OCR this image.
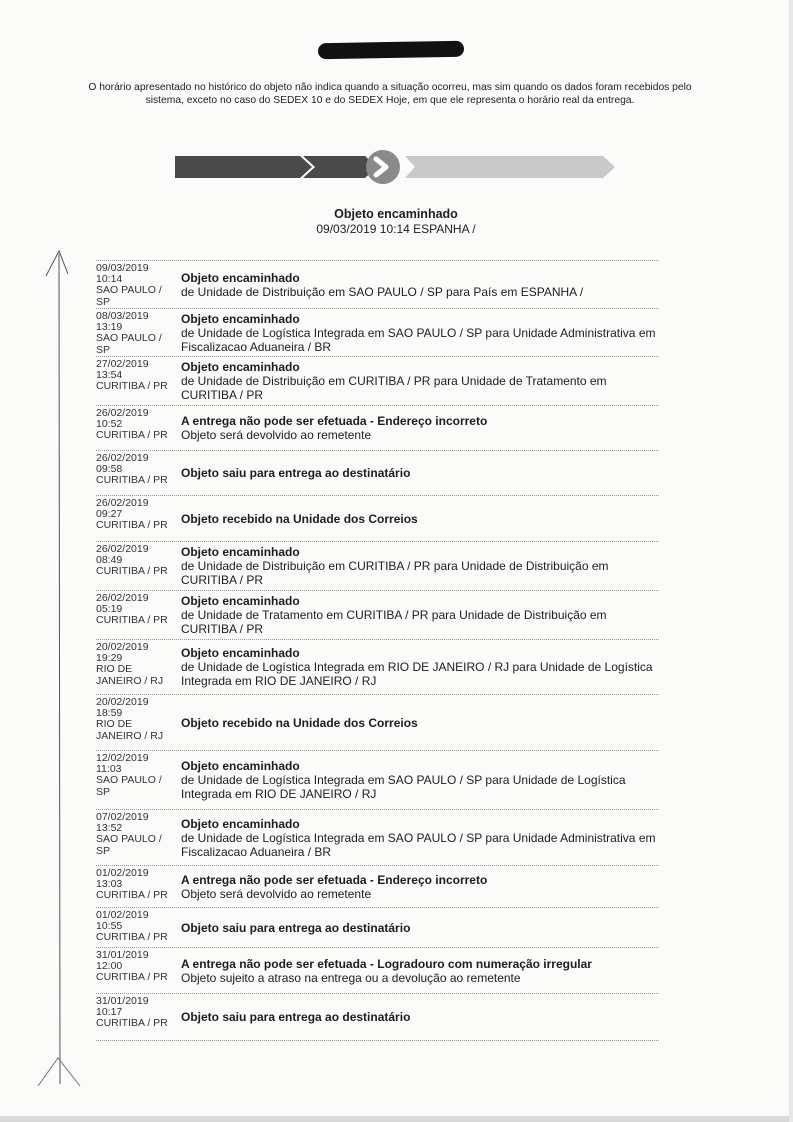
O horário apresentado no histórico do objeto não indica quando a situação ocorreu, mas sim quando os dados foram recebidos pelo sistema, exceto no caso do SEDEX 10 e do SEDEX Hoje, em que ele representa o horário real da entrega.
Objeto encaminhado
09/03/2019 10:14 ESPANHA /
09/03/2019
10:14
SAO PAULO /
SP
Objeto encaminhado
de Unidade de Distribuição em SAO PAULO / SP para País em ESPANHA /
08/03/2019
13:19
SAO PAULO /
SP
Objeto encaminhado
de Unidade de Logística Integrada em SAO PAULO / SP para Unidade Administrativa em Fiscalizacao Aduaneira / BR
27/02/2019
13:54
CURITIBA / PR
Objeto encaminhado
de Unidade de Distribuição em CURITIBA / PR para Unidade de Tratamento em CURITIBA / PR
26/02/2019
10:52
CURITIBA / PR
A entrega não pode ser efetuada - Endereço incorreto
Objeto será devolvido ao remetente
26/02/2019
09:58
CURITIBA / PR
Objeto saiu para entrega ao destinatário
26/02/2019
09:27
CURITIBA / PR	Objeto recebido na Unidade dos Correios
26/02/2019
08:49
CURITIBA / PR
Objeto encaminhado
de Unidade de Distribuição em CURITIBA / PR para Unidade de Distribuição em CURITIBA / PR
26/02/2019
05:19
CURITIBA / PR
Objeto encaminhado
de Unidade de Tratamento em CURITIBA / PR para Unidade de Distribuição em CURITIBA / PR
20/02/2019
19:29
RIO DE
JANEIRO / RJ
Objeto encaminhado
de Unidade de Logística Integrada em RIO DE JANEIRO / RJ para Unidade de Logística Integrada em RIO DE JANEIRO / RJ
20/02/2019
18:59
RIO DE
JANEIRO / RJ
Objeto recebido na Unidade dos Correios
12/02/2019
11:03
SAO PAULO /
SP
Objeto encaminhado
de Unidade de Logística Integrada em SAO PAULO / SP para Unidade de Logística Integrada em RIO DE JANEIRO / RJ
07/02/2019
13:52
SAO PAULO /
SP
Objeto encaminhado
de Unidade de Logística Integrada em SAO PAULO / SP para Unidade Administrativa em Fiscalizacao Aduaneira / BR
01/02/2019
13:03
CURITIBA / PR
A entrega não pode ser efetuada - Endereço incorreto
Objeto será devolvido ao remetente
01/02/2019
10:55
CURITIBA / PR
Objeto saiu para entrega ao destinatário
31/01/2019
12:00
CURITIBA / PR
A entrega não pode ser efetuada - Logradouro com numeração irregular
Objeto sujeito a atraso na entrega ou a devolução ao remetente
31/01/2019
10:17
CURITIBA / PR	Objeto saiu para entrega ao destinatário
